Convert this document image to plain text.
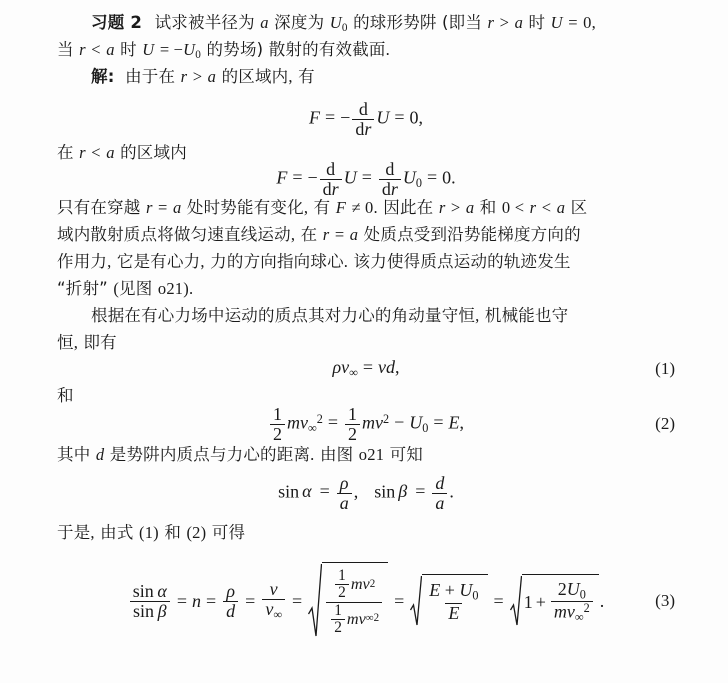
习题 2 试求被半径为 a 深度为 $U_0$ 的球形势阱 (即当 r > a 时 U = 0,
当 r < a 时 $U = -U_0$ 的势场) 散射的有效截面.
解: 由于在 r > a 的区域内, 有
F = − $\frac{d}{dr}$ U = 0,
在 r < a 的区域内
F = − $\frac{d}{dr}$ $U = \frac{d}{dr} U_0 = 0$.
只有在穿越 r = a 处时势能有变化, 有 F ≠ 0. 因此在 r > a 和 0 < r < a 区
域内散射质点将做匀速直线运动, 在 r = a 处质点受到沿势能梯度方向的
作用力, 它是有心力, 力的方向指向球心. 该力使得质点运动的轨迹发生
“折射” (见图 o21).
根据在有心力场中运动的质点其对力心的角动量守恒, 机械能也守
恒, 即有
$\rho v_\infty$ = vd,	(1)
和
$\frac{1}{2} mv_\infty^2 = \frac{1}{2} mv^2 - U_0 = E$,	(2)
其中 d 是势阱内质点与力心的距离. 由图 o21 可知
$\sin \alpha = \frac{\rho}{a}$ , $\sin \beta = \frac{d}{a}$ .
于是, 由式 (1) 和 (2) 可得
$\frac{\text{sin  α}}{\text{sin  β}} = n = \frac{\rho}{d} = \frac{v}{v_\infty} = \frac{\frac{1}{2} mv 2}{\frac{1}{2} mv \infty 2} = \frac{E + U_0}{E} = 1 + \frac{2U_0}{mv_\infty^2}$ .	(3)
